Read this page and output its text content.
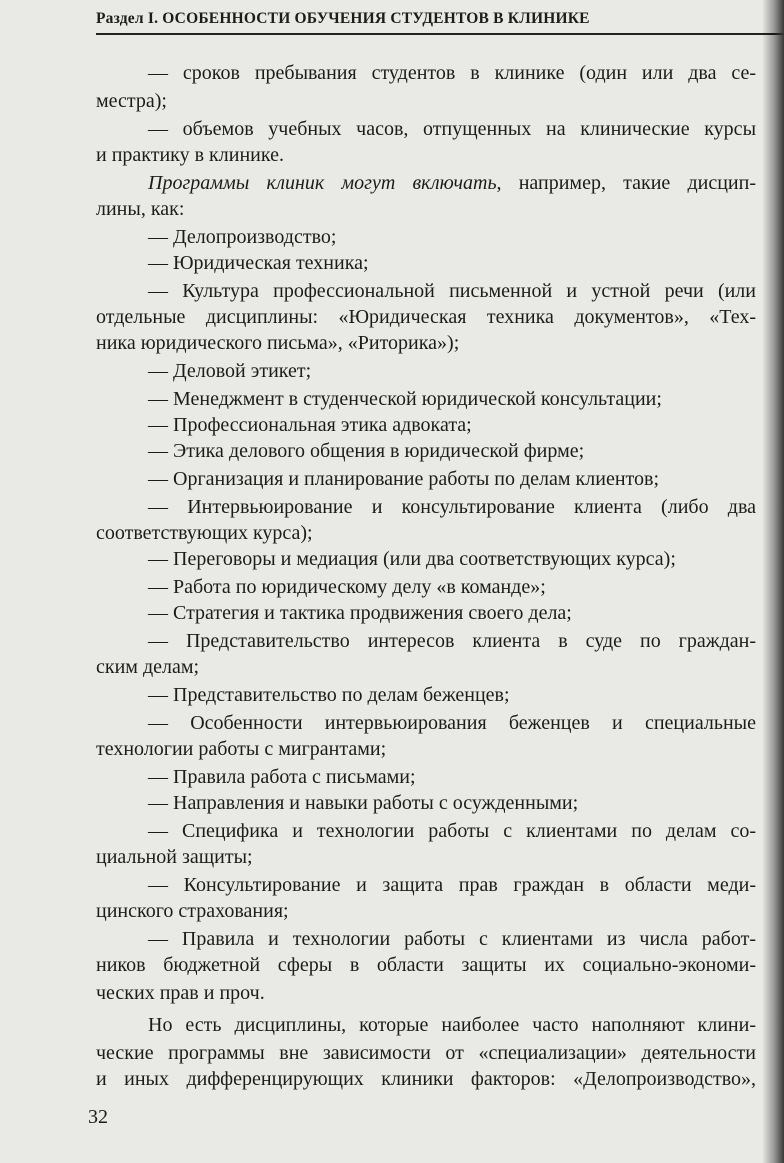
Раздел I. ОСОБЕННОСТИ ОБУЧЕНИЯ СТУДЕНТОВ В КЛИНИКЕ
— сроков пребывания студентов в клинике (один или два се-
местра);
— объемов учебных часов, отпущенных на клинические курсы
и практику в клинике.
Программы клиник могут включать, например, такие дисцип-
лины, как:
— Делопроизводство;
— Юридическая техника;
— Культура профессиональной письменной и устной речи (или
отдельные дисциплины: «Юридическая техника документов», «Тех-
ника юридического письма», «Риторика»);
— Деловой этикет;
— Менеджмент в студенческой юридической консультации;
— Профессиональная этика адвоката;
— Этика делового общения в юридической фирме;
— Организация и планирование работы по делам клиентов;
— Интервьюирование и консультирование клиента (либо два
соответствующих курса);
— Переговоры и медиация (или два соответствующих курса);
— Работа по юридическому делу «в команде»;
— Стратегия и тактика продвижения своего дела;
— Представительство интересов клиента в суде по граждан-
ским делам;
— Представительство по делам беженцев;
— Особенности интервьюирования беженцев и специальные
технологии работы с мигрантами;
— Правила работа с письмами;
— Направления и навыки работы с осужденными;
— Специфика и технологии работы с клиентами по делам со-
циальной защиты;
— Консультирование и защита прав граждан в области меди-
цинского страхования;
— Правила и технологии работы с клиентами из числа работ-
ников бюджетной сферы в области защиты их социально-экономи-
ческих прав и проч.
Но есть дисциплины, которые наиболее часто наполняют клини-
ческие программы вне зависимости от «специализации» деятельности
и иных дифференцирующих клиники факторов: «Делопроизводство»,
32
